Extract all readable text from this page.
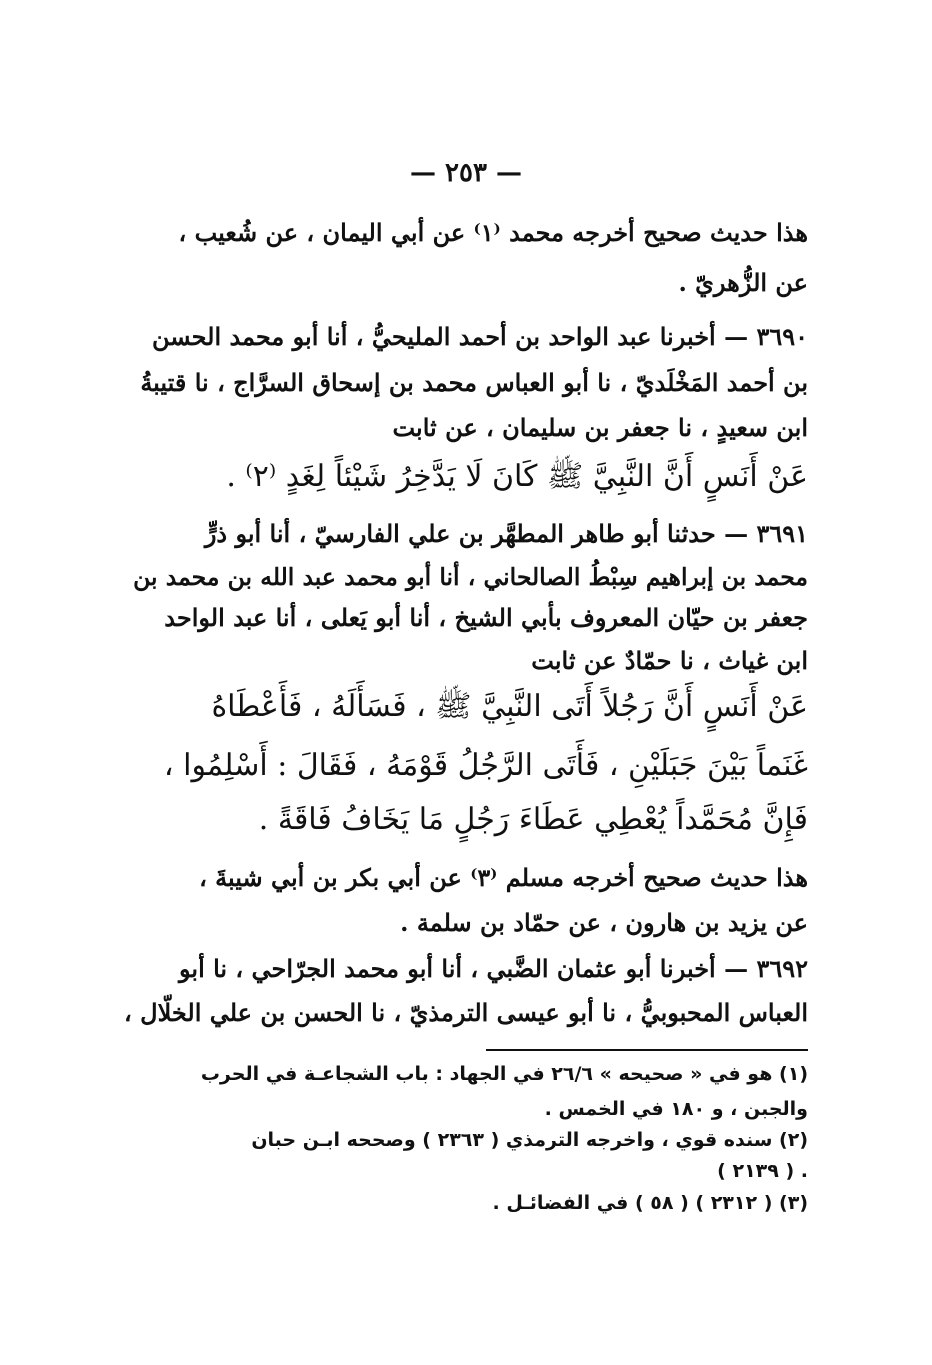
— ٢٥٣ —
هذا حديث صحيح أخرجه محمد ⁽١⁾ عن أبي اليمان ، عن شُعيب ،
عن الزُّهريّ .
٣٦٩٠ — أخبرنا عبد الواحد بن أحمد المليحيُّ ، أنا أبو محمد الحسن
بن أحمد المَخْلَديّ ، نا أبو العباس محمد بن إسحاق السرَّاج ، نا قتيبةُ
ابن سعيدٍ ، نا جعفر بن سليمان ، عن ثابت
عَنْ أَنَسٍ أَنَّ النَّبِيَّ ﷺ كَانَ لَا يَدَّخِرُ شَيْئاً لِغَدٍ ⁽٢⁾ .
٣٦٩١ — حدثنا أبو طاهر المطهَّر بن علي الفارسيّ ، أنا أبو ذرٍّ
محمد بن إبراهيم سِبْطُ الصالحاني ، أنا أبو محمد عبد الله بن محمد بن
جعفر بن حيّان المعروف بأبي الشيخ ، أنا أبو يَعلى ، أنا عبد الواحد
ابن غياث ، نا حمّادٌ عن ثابت
عَنْ أَنَسٍ أَنَّ رَجُلاً أَتَى النَّبِيَّ ﷺ ، فَسَأَلَهُ ، فَأَعْطَاهُ
غَنَماً بَيْنَ جَبَلَيْنِ ، فَأَتَى الرَّجُلُ قَوْمَهُ ، فَقَالَ : أَسْلِمُوا ،
فَإِنَّ مُحَمَّداً يُعْطِي عَطَاءَ رَجُلٍ مَا يَخَافُ فَاقَةً .
هذا حديث صحيح أخرجه مسلم ⁽٣⁾ عن أبي بكر بن أبي شيبةَ ،
عن يزيد بن هارون ، عن حمّاد بن سلمة .
٣٦٩٢ — أخبرنا أبو عثمان الضَّبي ، أنا أبو محمد الجرّاحي ، نا أبو
العباس المحبوبيُّ ، نا أبو عيسى الترمذيّ ، نا الحسن بن علي الخلّال ،
(١) هو في « صحيحه » ٢٦/٦ في الجهاد : باب الشجاعـة في الحرب
والجبن ، و ١٨٠ في الخمس .
(٢) سنده قوي ، واخرجه الترمذي ( ٢٣٦٣ ) وصححه ابـن حبان
( ٢١٣٩ ) .
(٣) ( ٢٣١٢ ) ( ٥٨ ) في الفضائـل .
